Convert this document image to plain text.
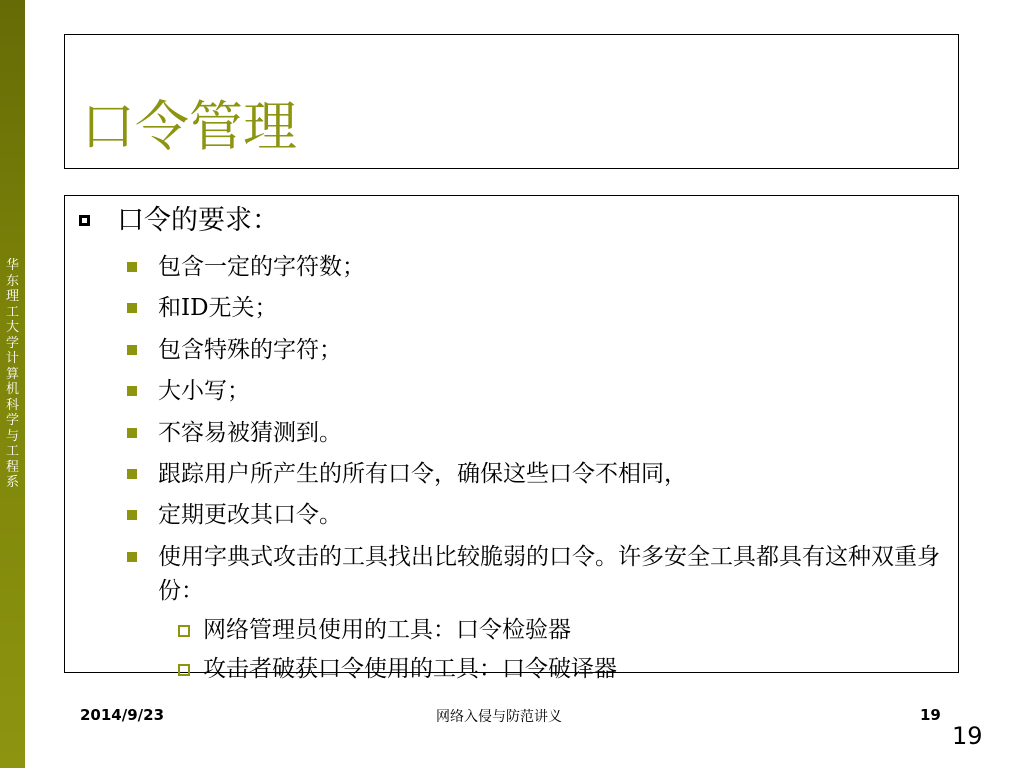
华东理工大学计算机科学与工程系
口令管理
口令的要求：
包含一定的字符数；
和ID无关；
包含特殊的字符；
大小写；
不容易被猜测到。
跟踪用户所产生的所有口令，确保这些口令不相同，
定期更改其口令。
使用字典式攻击的工具找出比较脆弱的口令。许多安全工具都具有这种双重身份：
网络管理员使用的工具：口令检验器
攻击者破获口令使用的工具：口令破译器
2014/9/23	网络入侵与防范讲义	19
19
